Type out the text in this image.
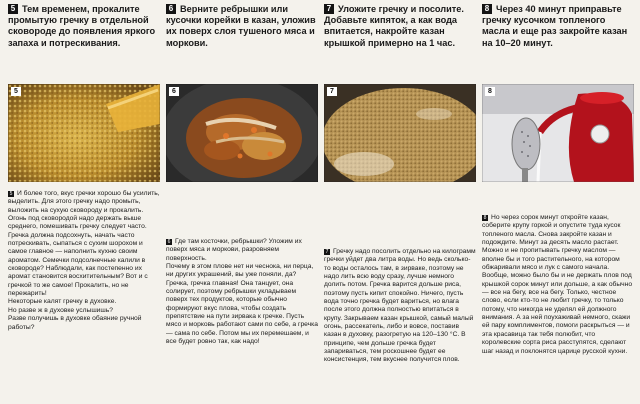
5 Тем временем, прокалите промытую гречку в отдельной сковороде до появления яркого запаха и потрескивания.
5

5 И более того, вкус гречки хорошо бы усилить, выделить. Для этого гречку надо промыть, выложить на сухую сковороду и прокалить. Огонь под сковородой надо держать выше среднего, помешивать гречку следует часто.

Гречка должна подсохнуть, начать часто потрескивать, сыпаться с сухим шорохом и самое главное — наполнить кухню своим ароматом. Семечки подсолнечные калили в сковороде? Наблюдали, как постепенно их аромат становится восхитительным? Вот и с гречкой то же самое! Прокалить, но не пережарить!

Некоторые калят гречку в духовке.

Но разве ж в духовке услышишь?

Разве получишь в духовке обаяние ручной работы?

6 Верните ребрышки или кусочки корейки в казан, уложив их поверх слоя тушеного мяса и моркови.
6

6 Где там косточки, ребрышки? Уложим их поверх мяса и моркови, разровняем поверхность.

Почему в этом плове нет ни чеснока, ни перца, ни других украшений, вы уже поняли, да? Гречка, гречка главная! Она танцует, она солирует, поэтому ребрышки укладываем поверх тех продуктов, которые обычно формируют вкус плова, чтобы создать препятствие на пути зирвака к гречке. Пусть мясо и морковь работают сами по себе, а гречка — сама по себе. Потом мы их перемешаем, и все будет ровно так, как надо!

7 Уложите гречку и посолите. Добавьте кипяток, а как вода впитается, накройте казан крышкой примерно на 1 час.
7

7 Гречку надо посолить отдельно на килограмм гречки уйдет два литра воды. Но ведь сколько-то воды осталось там, в зирваке, поэтому не надо лить всю воду сразу, лучше немного долить потом. Гречка варится дольше риса, поэтому пусть кипит спокойно. Ничего, пусть вода точно гречка будет вариться, но влага после этого должна полностью впитаться в крупу. Закрываем казан крышкой, самый малый огонь, рассекатель, либо и вовсе, поставив казан в духовку, разогретую на 120–130 °С. В принципе, чем дольше гречка будет запариваться, тем роскошнее будет ее консистенция, тем вкуснее получится плов.

8 Через 40 минут приправьте гречку кусочком топленого масла и еще раз закройте казан на 10–20 минут.
8

8 Но через сорок минут откройте казан, соберите крупу горкой и опустите туда кусок топленого масла. Снова закройте казан и подождите. Минут за десять масло растает. Можно и не пропитывать гречку маслом — вполне бы и того растительного, на котором обжаривали мясо и лук с самого начала.

Вообще, можно было бы и не держать плов под крышкой сорок минут или дольше, а как обычно — все на бегу, все на бегу. Только, честное слово, если кто-то не любит гречку, то только потому, что никогда не уделял ей должного внимания. А за ней поухаживай немного, скажи ей пару комплиментов, помоги раскрыться — и эта красавица так тебя полюбит, что королевские сорта риса расступятся, сделают шаг назад и поклонятся царице русской кухни.
